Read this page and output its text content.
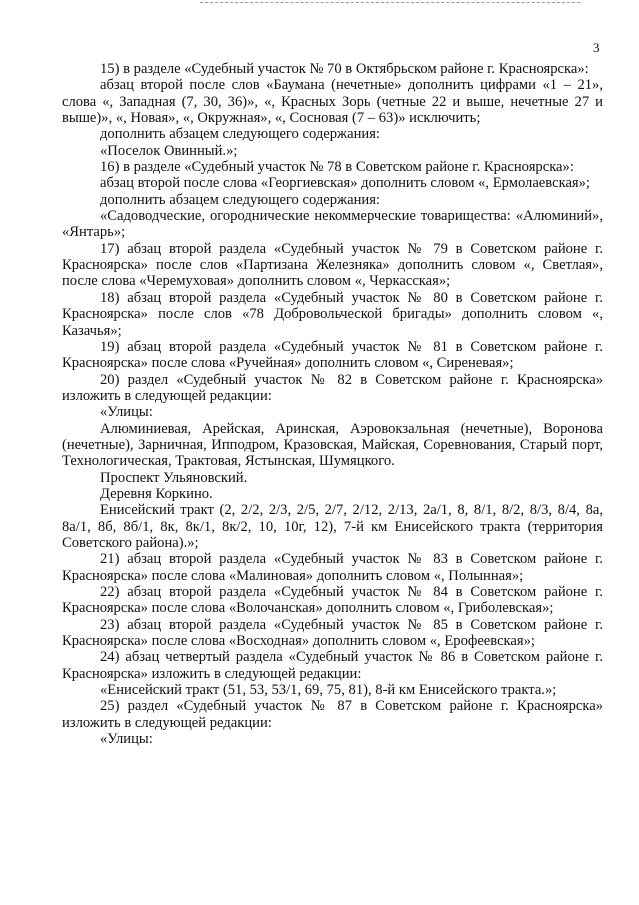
3

15) в разделе «Судебный участок № 70 в Октябрьском районе г. Красноярска»:

абзац второй после слов «Баумана (нечетные» дополнить цифрами «1 – 21», слова «, Западная (7, 30, 36)», «, Красных Зорь (четные 22 и выше, нечетные 27 и выше)», «, Новая», «, Окружная», «, Сосновая (7 – 63)» исключить;

дополнить абзацем следующего содержания:

«Поселок Овинный.»;

16) в разделе «Судебный участок № 78 в Советском районе г. Красноярска»:

абзац второй после слова «Георгиевская» дополнить словом «, Ермолаевская»;

дополнить абзацем следующего содержания:

«Садоводческие, огороднические некоммерческие товарищества: «Алюминий», «Янтарь»;

17) абзац второй раздела «Судебный участок № 79 в Советском районе г. Красноярска» после слов «Партизана Железняка» дополнить словом «, Светлая», после слова «Черемуховая» дополнить словом «, Черкасская»;

18) абзац второй раздела «Судебный участок № 80 в Советском районе г. Красноярска» после слов «78 Добровольческой бригады» дополнить словом «, Казачья»;

19) абзац второй раздела «Судебный участок № 81 в Советском районе г. Красноярска» после слова «Ручейная» дополнить словом «, Сиреневая»;

20) раздел «Судебный участок № 82 в Советском районе г. Красноярска» изложить в следующей редакции:

«Улицы:

Алюминиевая, Арейская, Аринская, Аэровокзальная (нечетные), Воронова (нечетные), Зарничная, Ипподром, Кразовская, Майская, Соревнования, Старый порт, Технологическая, Трактовая, Ястынская, Шумяцкого.

Проспект Ульяновский.

Деревня Коркино.

Енисейский тракт (2, 2/2, 2/3, 2/5, 2/7, 2/12, 2/13, 2а/1, 8, 8/1, 8/2, 8/3, 8/4, 8а, 8а/1, 8б, 8б/1, 8к, 8к/1, 8к/2, 10, 10г, 12), 7-й км Енисейского тракта (территория Советского района).»;

21) абзац второй раздела «Судебный участок № 83 в Советском районе г. Красноярска» после слова «Малиновая» дополнить словом «, Полынная»;

22) абзац второй раздела «Судебный участок № 84 в Советском районе г. Красноярска» после слова «Волочанская» дополнить словом «, Гриболевская»;

23) абзац второй раздела «Судебный участок № 85 в Советском районе г. Красноярска» после слова «Восходная» дополнить словом «, Ерофеевская»;

24) абзац четвертый раздела «Судебный участок № 86 в Советском районе г. Красноярска» изложить в следующей редакции:

«Енисейский тракт (51, 53, 53/1, 69, 75, 81), 8-й км Енисейского тракта.»;

25) раздел «Судебный участок № 87 в Советском районе г. Красноярска» изложить в следующей редакции:

«Улицы:
